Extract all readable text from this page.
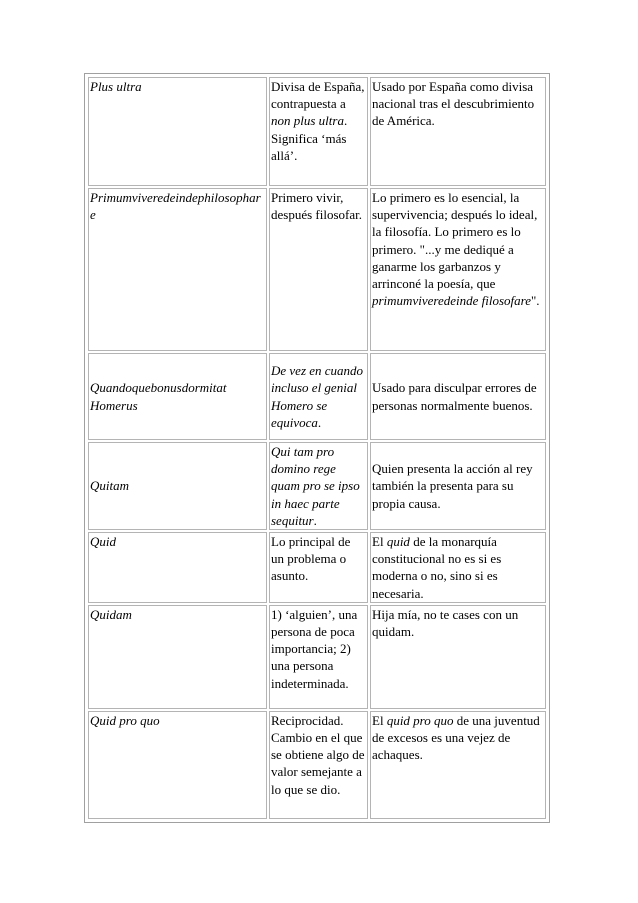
Plus ultra	Divisa de España, contrapuesta a non plus ultra. Significa ‘más allá’.	Usado por España como divisa nacional tras el descubrimiento de América.
Primumviveredeindephilosophare	Primero vivir, después filosofar.	Lo primero es lo esencial, la supervivencia; después lo ideal, la filosofía. Lo primero es lo primero. "...y me dediqué a ganarme los garbanzos y arrinconé la poesía, que primumviveredeinde filosofare".
Quandoquebonusdormitat Homerus	De vez en cuando incluso el genial Homero se equivoca.	Usado para disculpar errores de personas normalmente buenos.
Quitam	Qui tam pro domino rege quam pro se ipso in haec parte sequitur.	Quien presenta la acción al rey también la presenta para su propia causa.
Quid	Lo principal de un problema o asunto.	El quid de la monarquía constitucional no es si es moderna o no, sino si es necesaria.
Quidam	1) ‘alguien’, una persona de poca importancia; 2) una persona indeterminada.	Hija mía, no te cases con un quidam.
Quid pro quo	Reciprocidad. Cambio en el que se obtiene algo de valor semejante a lo que se dio.	El quid pro quo de una juventud de excesos es una vejez de achaques.
